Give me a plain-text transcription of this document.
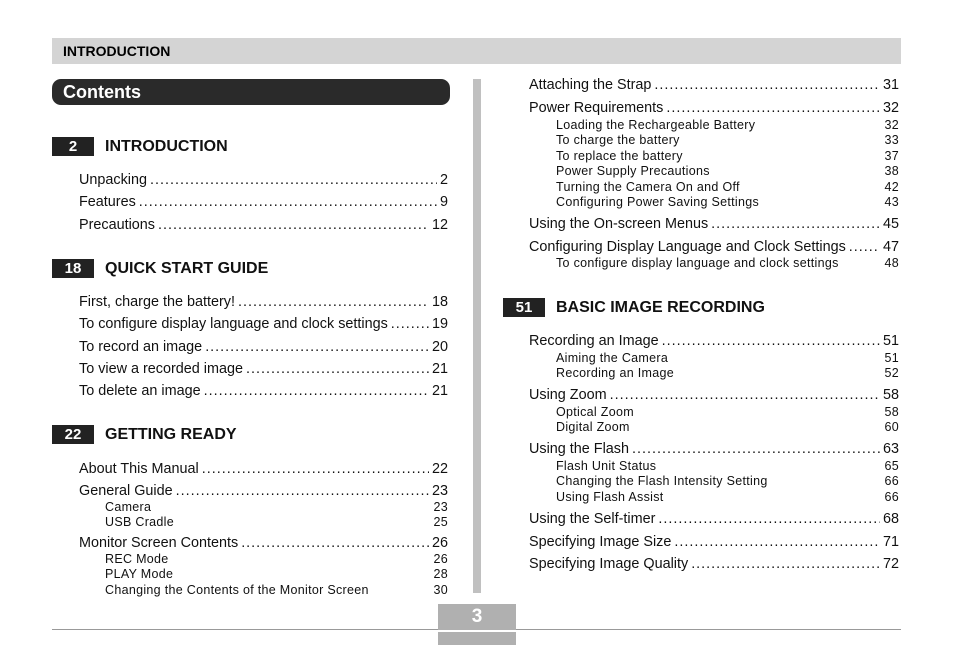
INTRODUCTION
Contents
2	INTRODUCTION
Unpacking .....	2
Features .....	9
Precautions .....	12
18	QUICK START GUIDE
First, charge the battery! .....	18
To configure display language and clock settings .....	19
To record an image .....	20
To view a recorded image .....	21
To delete an image .....	21
22	GETTING READY
About This Manual .....	22
General Guide .....	23
Camera	23
USB Cradle	25
Monitor Screen Contents .....	26
REC Mode	26
PLAY Mode	28
Changing the Contents of the Monitor Screen	30
Attaching the Strap .....	31
Power Requirements .....	32
Loading the Rechargeable Battery	32
To charge the battery	33
To replace the battery	37
Power Supply Precautions	38
Turning the Camera On and Off	42
Configuring Power Saving Settings	43
Using the On-screen Menus .....	45
Configuring Display Language and Clock Settings .....	47
To configure display language and clock settings	48
51	BASIC IMAGE RECORDING
Recording an Image .....	51
Aiming the Camera	51
Recording an Image	52
Using Zoom .....	58
Optical Zoom	58
Digital Zoom	60
Using the Flash .....	63
Flash Unit Status	65
Changing the Flash Intensity Setting	66
Using Flash Assist	66
Using the Self-timer .....	68
Specifying Image Size .....	71
Specifying Image Quality .....	72
3
